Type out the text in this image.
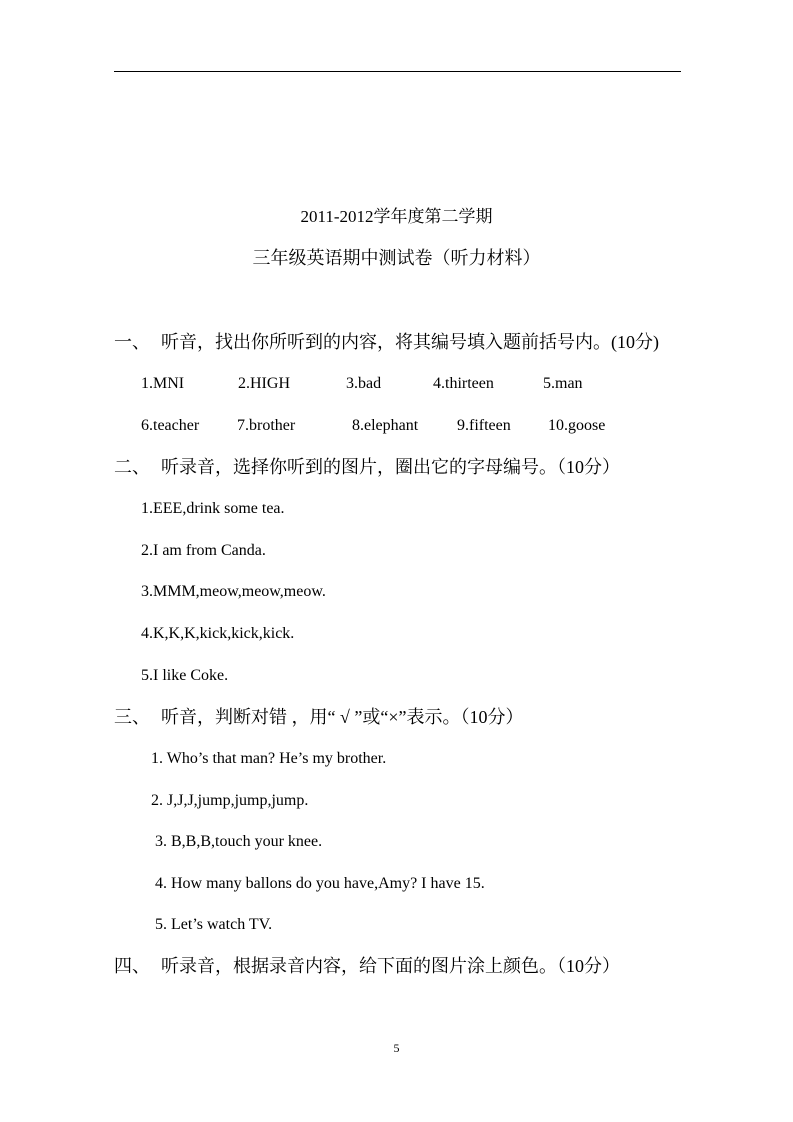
2011-2012学年度第二学期
三年级英语期中测试卷（听力材料）
一、 听音，找出你所听到的内容，将其编号填入题前括号内。(10分)
1.MNI	2.HIGH	3.bad	4.thirteen	5.man
6.teacher 7.brother	8.elephant 9.fifteen 10.goose
二、 听录音，选择你听到的图片，圈出它的字母编号。（10分）
1.EEE,drink some tea.
2.I am from Canda.
3.MMM,meow,meow,meow.
4.K,K,K,kick,kick,kick.
5.I like Coke.
三、 听音，判断对错 ，用“ √ ”或“×”表示。（10分）
1. Who’s that man? He’s my brother.
2. J,J,J,jump,jump,jump.
3. B,B,B,touch your knee.
4. How many ballons do you have,Amy? I have 15.
5. Let’s watch TV.
四、 听录音，根据录音内容，给下面的图片涂上颜色。（10分）
5
